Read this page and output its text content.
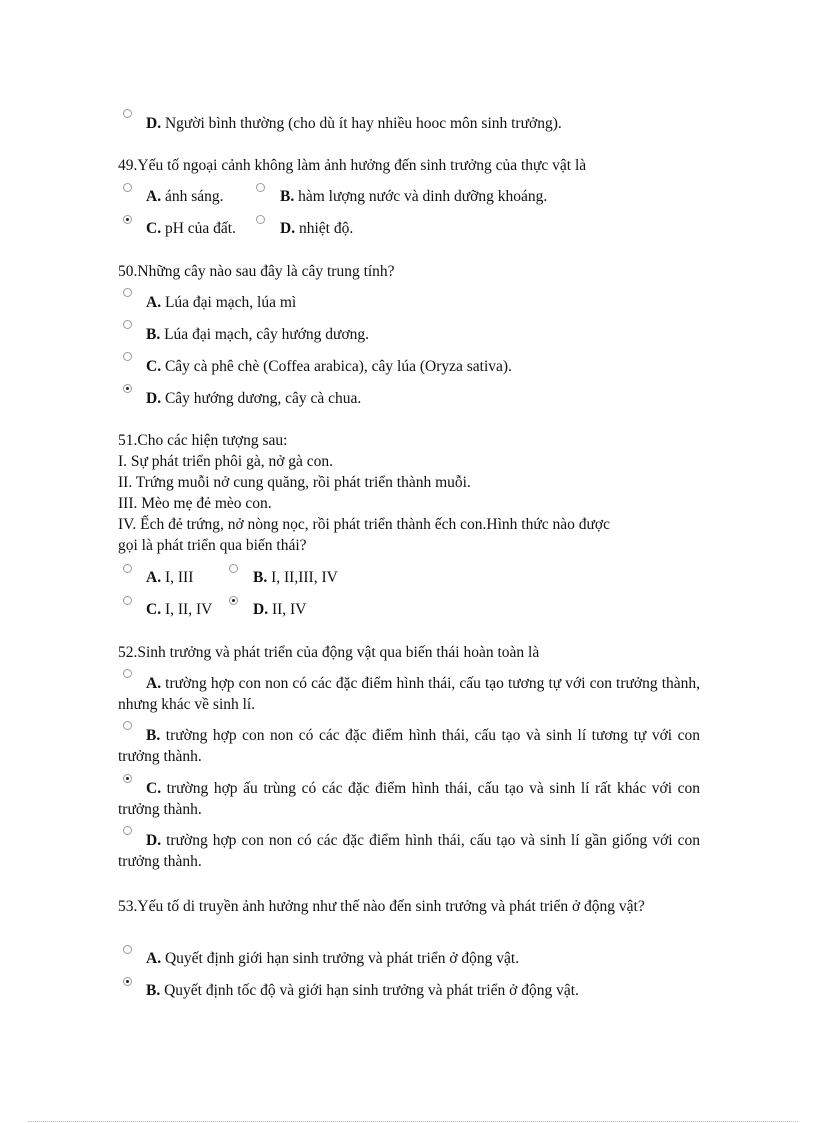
D. Người bình thường (cho dù ít hay nhiều hooc môn sinh trưởng).
49.Yếu tố ngoại cảnh không làm ảnh hưởng đến sinh trưởng của thực vật là
A. ánh sáng.	B. hàm lượng nước và dinh dưỡng khoáng.
C. pH của đất.	D. nhiệt độ.
50.Những cây nào sau đây là cây trung tính?
A. Lúa đại mạch, lúa mì
B. Lúa đại mạch, cây hướng dương.
C. Cây cà phê chè (Coffea arabica), cây lúa (Oryza sativa).
D. Cây hướng dương, cây cà chua.
51.Cho các hiện tượng sau:
I. Sự phát triển phôi gà, nở gà con.
II. Trứng muỗi nở cung quăng, rồi phát triển thành muỗi.
III. Mèo mẹ đẻ mèo con.
IV. Ếch đẻ trứng, nở nòng nọc, rồi phát triển thành ếch con.Hình thức nào được
gọi là phát triển qua biến thái?
A. I, III	B. I, II,III, IV
C. I, II, IV	D. II, IV
52.Sinh trưởng và phát triển của động vật qua biến thái hoàn toàn là
A. trường hợp con non có các đặc điểm hình thái, cấu tạo tương tự với con trưởng thành, nhưng khác về sinh lí.
B. trường hợp con non có các đặc điểm hình thái, cấu tạo và sinh lí tương tự với con trưởng thành.
C. trường hợp ấu trùng có các đặc điểm hình thái, cấu tạo và sinh lí rất khác với con trưởng thành.
D. trường hợp con non có các đặc điểm hình thái, cấu tạo và sinh lí gần giống với con trưởng thành.
53.Yếu tố di truyền ảnh hưởng như thế nào đến sinh trưởng và phát triển ở động vật?
A. Quyết định giới hạn sinh trưởng và phát triển ở động vật.
B. Quyết định tốc độ và giới hạn sinh trưởng và phát triển ở động vật.
